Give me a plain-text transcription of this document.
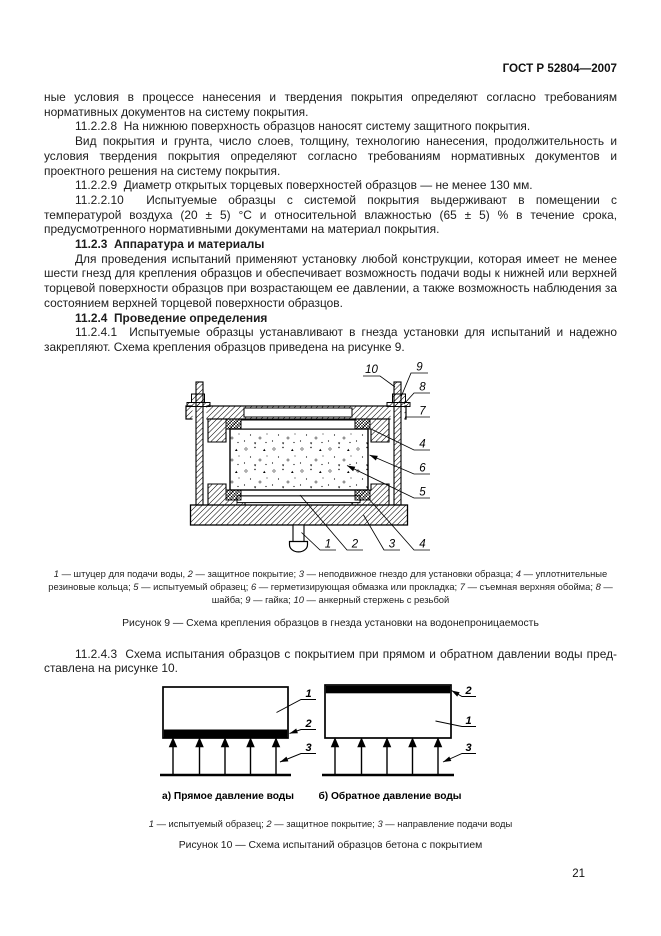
ГОСТ Р 52804—2007

ные условия в процессе нанесения и твердения покрытия определяют согласно требованиям нормативных документов на систему покрытия.

11.2.2.8  На нижнюю поверхность образцов наносят систему защитного покрытия.

Вид покрытия и грунта, число слоев, толщину, технологию нанесения, продолжительность и условия твердения покрытия определяют согласно требованиям нормативных документов и проектного решения на систему покрытия.

11.2.2.9  Диаметр открытых торцевых поверхностей образцов — не менее 130 мм.

11.2.2.10  Испытуемые образцы с системой покрытия выдерживают в помещении с температурой воздуха (20 ± 5) °С и относительной влажностью (65 ± 5) % в течение срока, предусмотренного нормативными документами на материал покрытия.

11.2.3  Аппаратура и материалы

Для проведения испытаний применяют установку любой конструкции, которая имеет не менее шести гнезд для крепления образцов и обеспечивает возможность подачи воды к нижней или верхней торцевой поверхности образцов при возрастающем ее давлении, а также возможность наблюдения за состоянием верхней торцевой поверхности образцов.

11.2.4  Проведение определения

11.2.4.1  Испытуемые образцы устанавливают в гнезда установки для испытаний и надежно закрепляют. Схема крепления образцов приведена на рисунке 9.

10	9
8
7
4
6
5
1 2	3 4
1 — штуцер для подачи воды, 2 — защитное покрытие; 3 — неподвижное гнездо для установки образца; 4 — уплотнительные резиновые кольца; 5 — испытуемый образец; 6 — герметизирующая обмазка или прокладка; 7 — съемная верхняя обойма; 8 — шайба; 9 — гайка; 10 — анкерный стержень с резьбой
Рисунок 9 — Схема крепления образцов в гнезда установки на водонепроницаемость

11.2.4.3  Схема испытания образцов с покрытием при прямом и обратном давлении воды представлена на рисунке 10.

1
2
3
2
1
3
а) Прямое давление воды б) Обратное давление воды
1 — испытуемый образец; 2 — защитное покрытие; 3 — направление подачи воды
Рисунок 10 — Схема испытаний образцов бетона с покрытием
21
